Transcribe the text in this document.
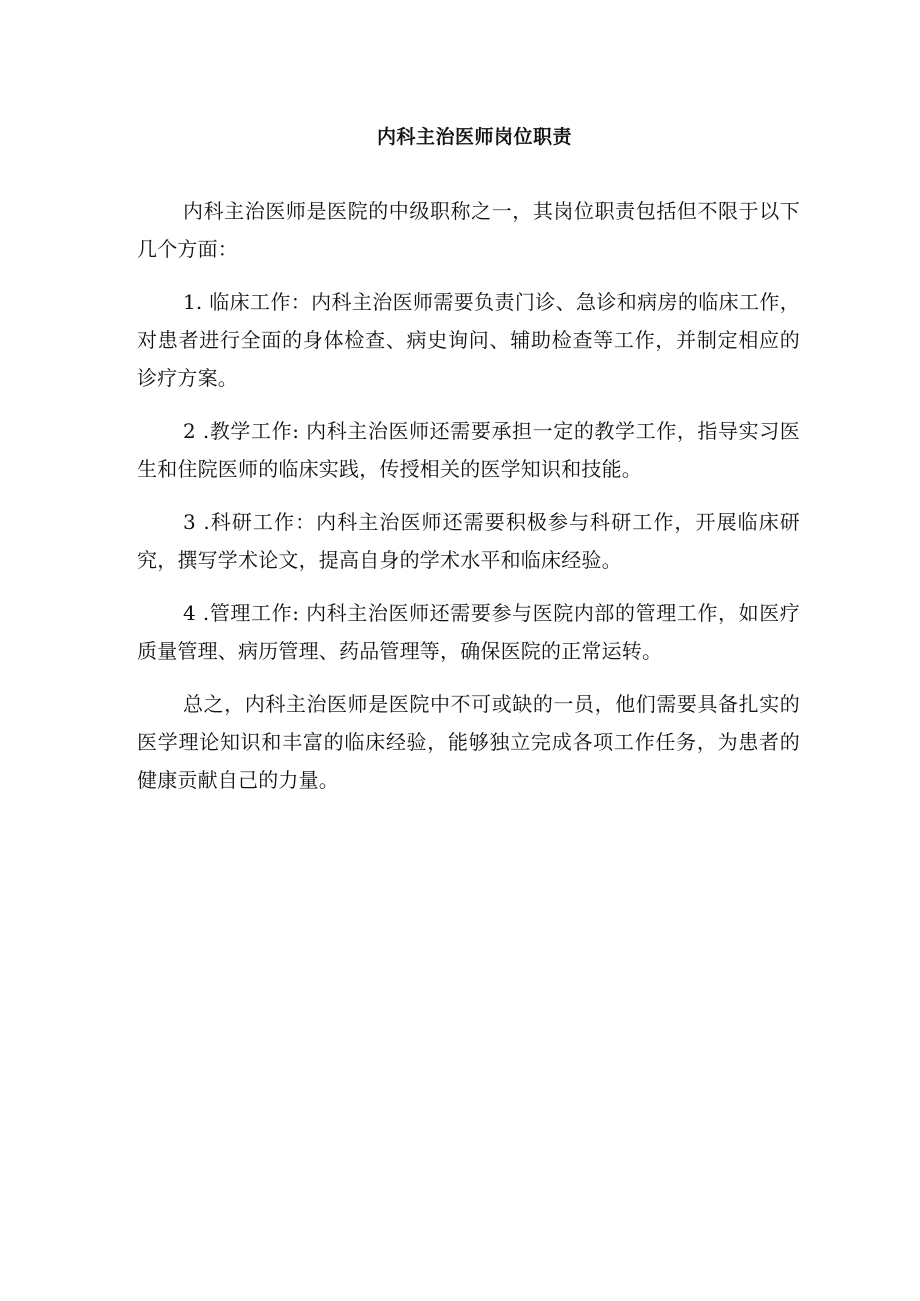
内科主治医师岗位职责

内科主治医师是医院的中级职称之一，其岗位职责包括但不限于以下几个方面：

1. 临床工作：内科主治医师需要负责门诊、急诊和病房的临床工作，对患者进行全面的身体检查、病史询问、辅助检查等工作，并制定相应的诊疗方案。

2 .教学工作: 内科主治医师还需要承担一定的教学工作，指导实习医生和住院医师的临床实践，传授相关的医学知识和技能。

3 .科研工作：内科主治医师还需要积极参与科研工作，开展临床研究，撰写学术论文，提高自身的学术水平和临床经验。

4 .管理工作: 内科主治医师还需要参与医院内部的管理工作，如医疗质量管理、病历管理、药品管理等，确保医院的正常运转。

总之，内科主治医师是医院中不可或缺的一员，他们需要具备扎实的医学理论知识和丰富的临床经验，能够独立完成各项工作任务，为患者的健康贡献自己的力量。
